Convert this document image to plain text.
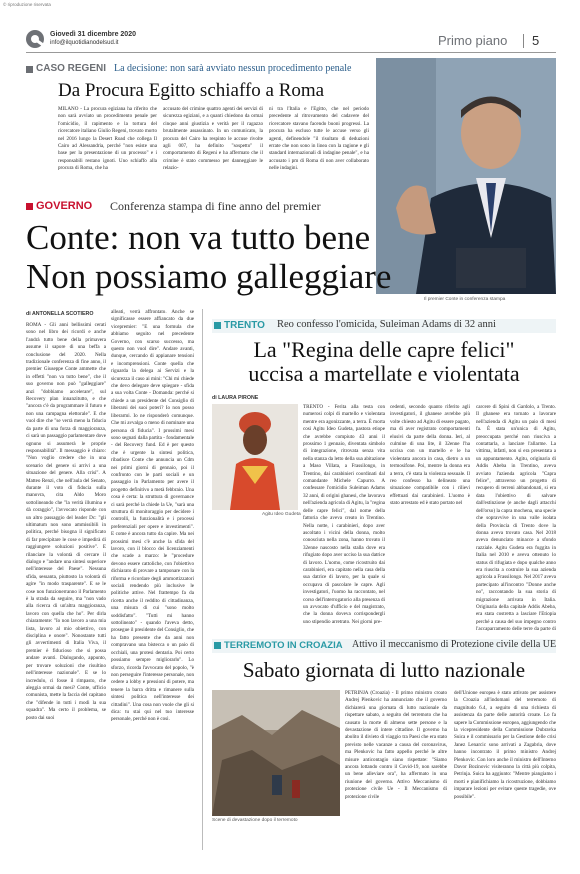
© riproduzione riservata
Giovedì 31 dicembre 2020
info@ilquotidianodelsud.it	Primo piano 5
CASO REGENI La decisione: non sarà avviato nessun procedimento penale
Da Procura Egitto schiaffo a Roma
MILANO - La procura egiziana ha riferito che non sarà avviato un procedimento penale per l'omicidio, il rapimento e la tortura del ricercatore italiano Giulio Regeni, trovato morto nel 2016 lungo la Desert Road che collega Il Cairo ad Alessandria, perché "non esiste una base per la presentazione di un processo" e i responsabili restano ignoti. Uno schiaffo alla procura di Roma, che ha
accusato del crimine quattro agenti dei servizi di sicurezza egiziani, e a quanti chiedono da ormai cinque anni giustizia e verità per il ragazzo brutalmente assassinato. In un comunicato, la procura del Cairo ha respinto le accuse rivolte agli 007, ha definito "sospetto" il comportamento di Regeni e ha affermato che il crimine è stato commesso per danneggiare le relazio-
ni tra l'Italia e l'Egitto, che nel periodo precedente al ritrovamento del cadavere del ricercatore stavano facendo buoni progressi. La procura ha escluso tutte le accuse verso gli agenti, definendole "il risultato di deduzioni errate che non sono in linea con la ragione e gli standard internazionali di indagine penale", e ha accusato i pm di Roma di non aver collaborato nelle indagini.
Il premier Conte in conferenza stampa
GOVERNO Conferenza stampa di fine anno del premier
Conte: non va tutto bene
Non possiamo galleggiare
di ANTONELLA SCOTIERO
ROMA - Gli anni bellissimi cerati sono nel libro dei ricordi e anche l'andrà tutto bene della primavera assume il sapore di una beffa a conclusione del 2020. Nella tradizionale conferenza di fine anno, il premier Giuseppe Conte ammette che in effetti "non va tutto bene", che il suo governo non può "galleggiare" anzi "dobbiamo accelerare", sul Recovery plan innanzitutto, e che "ancora c'è da programmare il futuro e non una campagna elettorale". E che vuol dire che "se verrà meno la fiducia da parte di una forza di maggioranza, ci sarà un passaggio parlamentare dove ognuno si assumerà le proprie responsabilità". Il messaggio è chiaro: "Non voglio credere che in una scenario del genere si arrivi a una situazione del genere. Alla crisi". A Matteo Renzi, che nell'aula del Senato, durante il voto di fiducia sulla manovra, cita Aldo Moro sottolineando che "la verità illumina e dà coraggio", l'avvocato risponde con un altro passaggio del leader Dc: "gli ultimatum non sono ammissibili in politica, perché bisogna il significato di far precipitare le cose e impedirà di raggiungere soluzioni positive". E rilanciare la volontà di cercare il dialogo e "andare una sintesi superiore nell'interesse del Paese". Nessuna sfida, sessanta, piuttosto la volontà di agire "in modo trasparente". E se le cose non funzionerranno il Parlamento è la strada da seguire, ma "non vado alla ricerca di un'altra maggioranza, lavoro con quella che ho". Per dirla chiaramente: "Io non lavoro a una mia lista, lavoro al mio obiettivo, con disciplina e onore". Nonostante tutti gli avvertimenti di Italia Viva, il premier è fiducioso che si possa andare avanti. Dialogando, appunto, per trovare soluzioni che risultino nell'interesse nazionale". E se lo incredulo, ci fosse il rimpasto, che aleggia ormai da mesi? Conte, ufficio comunista, mette la faccia del capitano che "difende in tutti i modi la sua squadra". Ma certo il problema, se posto dai suoi
alleati, verrà affrontato. Anche se significasse essere affiancato da due vicepremier: "E una formula che abbiamo seguito nel precedente Governo, con scarso successo, ma questo non vuol dire". Andare avanti, dunque, cercando di appianare tensioni e incomprensioni. Conte quella che riguarda la delega ai Servizi e la sicurezza il caso ai mini: "Chi mi chiede che devo delegare deve spiegare - sfida a sua volta Conte - Domanda: perché si chiede a un presidente del Consiglio di liberarsi dei suoi poteri? Io non posso liberarmi. Io ne risponderò comunque. Che mi avvalga o meno di nominare una persona di fiducia". I prossimi mesi sono segnati dalla partita - fondamentale - del Recovery fund. Ed è per questo che è urgente la sintesi politica, ribadisce Conte che annuncia un Cdm nei primi giorni di gennaio, poi il confronto con le parti sociali e un passaggio in Parlamento per avere il progetto definitivo a metà febbraio. Una cosa è certa: la struttura di governance ci sarà perché la chiede la Ue, "sarà una struttura di monitoraggio per decidere i controlli, la funzionalità e i processi preferenziali per opere e investimenti". E come è ancora tutto da capire. Ma nei prossimi mesi c'è anche la sfida del lavoro, con il blocco dei licenziamenti che scade a marzo: le "procedure devono essere cattoliche, con l'obiettivo dichiarato di provare a tamponare con la riforma e ricordare degli ammortizzatori sociali rendendo più inclusive le politiche attive. Nel frattempo fa da ricetta anche il reddito di cittadinanza, una misura di cui "sono molto soddisfatto". "Tutti mi hanno sottolineato" - quando l'aveva detto, prosegue il presidente del Consiglio, che ha fatto presente che da anni non compravano una bistecca o un paio di occhiali, una protesi dentaria. Poi certo possiamo sempre migliorarlo". Lo sforzo, ricorda l'avvocato del popolo, "è non perseguire l'interesse personale, non cedere a lobby e pressioni di potere, ma tenere la barra dritta e rimanere sulla sintesi politica nell'interesse dei cittadini". Una cosa non vuole che gli si dica: tu stai qui nel tuo interesse personale, perché non è così.
TRENTO Reo confesso l'omicida, Suleiman Adams di 32 anni
La "Regina delle capre felici"
uccisa a martellate e violentata
di LAURA PIRONE
Agitu Ideo Gudeta
TRENTO - Ferita alla testa con numerosi colpi di martello e violentata mentre era agonizzante, a terra. È morta così Agitu Ideo Gudeta, pastora etiope che avrebbe compiuto 43 anni il prossimo 1 gennaio, diventata simbolo di integrazione, ritrovata senza vita nella stanza da letto della sua abitazione a Maso Villata, a Frassilongo, in Trentino, dai carabinieri coordinati dal comandante Michele Capurro. A confessare l'omicidio Suleiman Adams 32 anni, di origini ghanesi, che lavorava nell'azienda agricola di Agitu, la "regina delle capre felici", dal nome della fattoria che aveva creato in Trentino. Nella notte, i carabinieri, dopo aver ascoltato i vicini della donna, molto conosciuta nella zona, hanno trovato il 32enne nascosto nella stalla dove era rifugiato dopo aver ucciso la sua datrice di lavoro. L'uomo, come ricostruito dai carabinieri, era capitato nella casa della sua datrice di lavoro, per la quale si occupava di pascolare le capre. Agli investigatori, l'uomo ha raccontato, nel corso dell'interrogatorio alla presenza di un avvocato d'ufficio e del magistrato, che la donna doveva corrispondergli uno stipendio arretrato. Nei giorni pre-
cedenti, secondo quanto riferito agli investigatori, il ghanese avrebbe più volte chiesto ad Agitu di essere pagato, ma di aver registrato comportamenti elusivi da parte della donna. Ieri, al culmine di una lite, il 32enne l'ha uccisa con un martello e le ha violentata ancora in casa, dietro a un termosifone. Poi, mentre la donna era a terra, c'è stata la violenza sessuale. Il reo confesso ha delineato una situazione compatibile con i rilievi effettuati dai carabinieri. L'uomo è stato arrestato ed è stato portato nel
carcere di Spini di Gardolo, a Trento. Il ghanese era tornato a lavorare nell'azienda di Agitu un paio di mesi fa. È stata un'unica di Agitu, preoccupata perché non riusciva a contattarla, a lanciare l'allarme. La vittima, infatti, non si era presentata a un appuntamento. Agitu, originaria di Addis Abeba in Trentino, aveva avviato l'azienda agricola "Capra felice", attraverso un progetto di recupero di terreni abbandonati, si era data l'obiettivo di salvare dall'estinzione (e anche dagli attacchi dell'orso) la capra mochena, una specie che sopravvive in una valle isolata della Provincia di Trento dove la donna aveva trovato casa. Nel 2018 aveva denunciato minacce a sfondo razziale. Agitu Gudeta era fuggita in Italia nel 2010 e aveva ottenuto lo status di rifugiata e dopo qualche anno era riuscita a costruire la sua azienda agricola a Frassilongo. Nel 2017 aveva partecipato all'incontro "Donne anche no", raccontando la sua storia di migrazione arrivata in Italia. Originaria della capitale Addis Abeba, era stata costretta a lasciare l'Etiopia perché a causa del suo impegno contro l'accaparramento delle terre da parte di
TERREMOTO IN CROAZIA Attivo il meccanismo di Protezione civile della UE
Sabato giornata di lutto nazionale
Scene di devastazione dopo il terremoto
PETRINJA (Croazia) - Il primo ministro croato Andrej Plenkovic ha annunciato che il governo dichiarerà una giornata di lutto nazionale da rispettare sabato, a seguito del terremoto che ha causato la morte di almeno sette persone e la devastazione di intere cittadine. Il governo ha abolito il divieto di viaggio tra Paesi che era stato previsto nelle vacanze a causa del coronavirus, ma Plenkovic ha fatto appello perché le altre misure anticontagio siano rispettate: "Siamo ancora lottando contro il Covid-19, non sarebbe un bene alleviare ora", ha affermato in una riunione del governo. Attivo Meccanismo di protezione civile Ue - Il Meccanismo di protezione civile
dell'Unione europea è stato attivato per assistere la Croazia all'indomani del terremoto di magnitudo 6.4, a seguito di una richiesta di assistenza da parte delle autorità croate. Lo fa sapere la Commissione europea, aggiungendo che la vicepresidente della Commissione Dubravka Suica e il commissario per la Gestione delle crisi Janez Lenarcic sono arrivati a Zagabria, dove hanno incontrato il primo ministro Andrej Plenkovic. Con loro anche il ministro dell'Interno Davor Bozinovic visiteranno la città più colpita, Petrinja. Suica ha aggiunto: "Mentre piangiamo i morti e pianifichiamo la ricostruzione, dobbiamo imparare lezioni per evitare queste tragedie, ove possibile".
